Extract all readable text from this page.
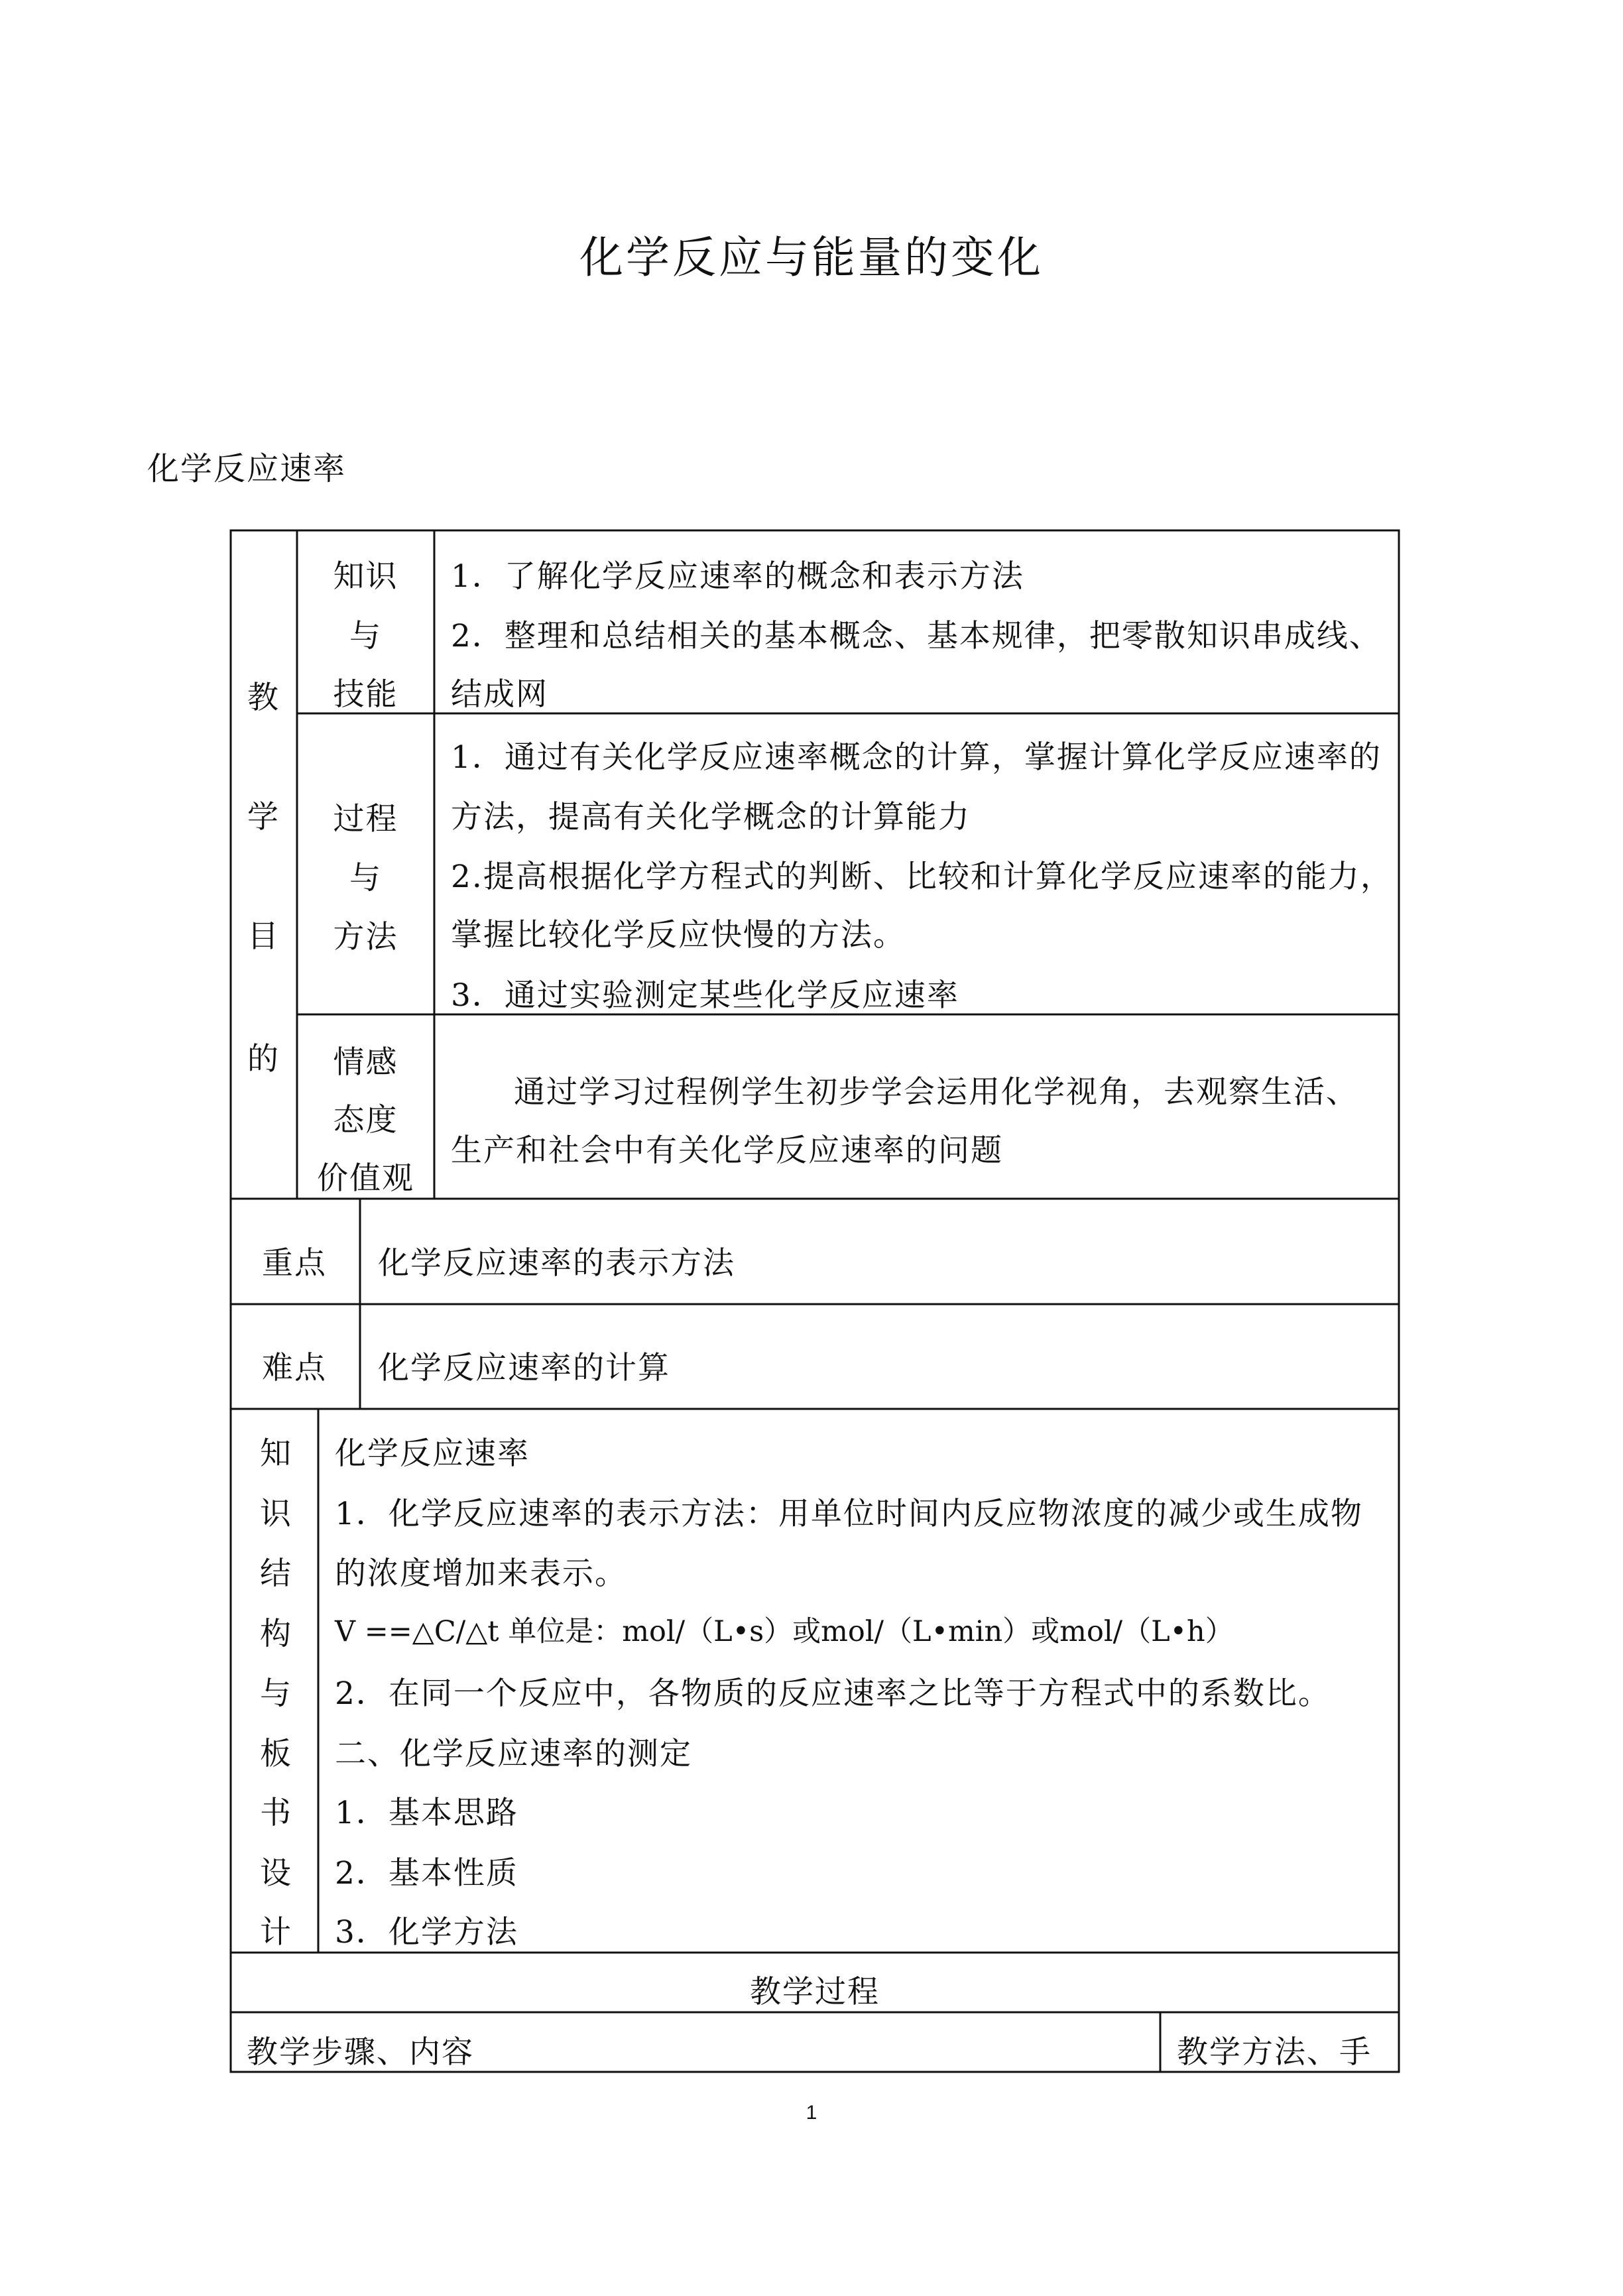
化学反应与能量的变化
化学反应速率
教
学
目
的
知识
与
技能
1．了解化学反应速率的概念和表示方法
2．整理和总结相关的基本概念、基本规律，把零散知识串成线、
结成网
过程
与
方法
1．通过有关化学反应速率概念的计算，掌握计算化学反应速率的
方法，提高有关化学概念的计算能力
2.提高根据化学方程式的判断、比较和计算化学反应速率的能力，
掌握比较化学反应快慢的方法。
3．通过实验测定某些化学反应速率
情感
态度
价值观
通过学习过程例学生初步学会运用化学视角，去观察生活、
生产和社会中有关化学反应速率的问题
重点 化学反应速率的表示方法
难点 化学反应速率的计算
知
识
结
构
与
板
书
设
计
化学反应速率
1．化学反应速率的表示方法：用单位时间内反应物浓度的减少或生成物
的浓度增加来表示。
V ==△C/△t 单位是：mol/（L•s）或mol/（L•min）或mol/（L•h）
2．在同一个反应中，各物质的反应速率之比等于方程式中的系数比。
二、化学反应速率的测定
1．基本思路
2．基本性质
3．化学方法
教学过程
教学步骤、内容	教学方法、手
1
